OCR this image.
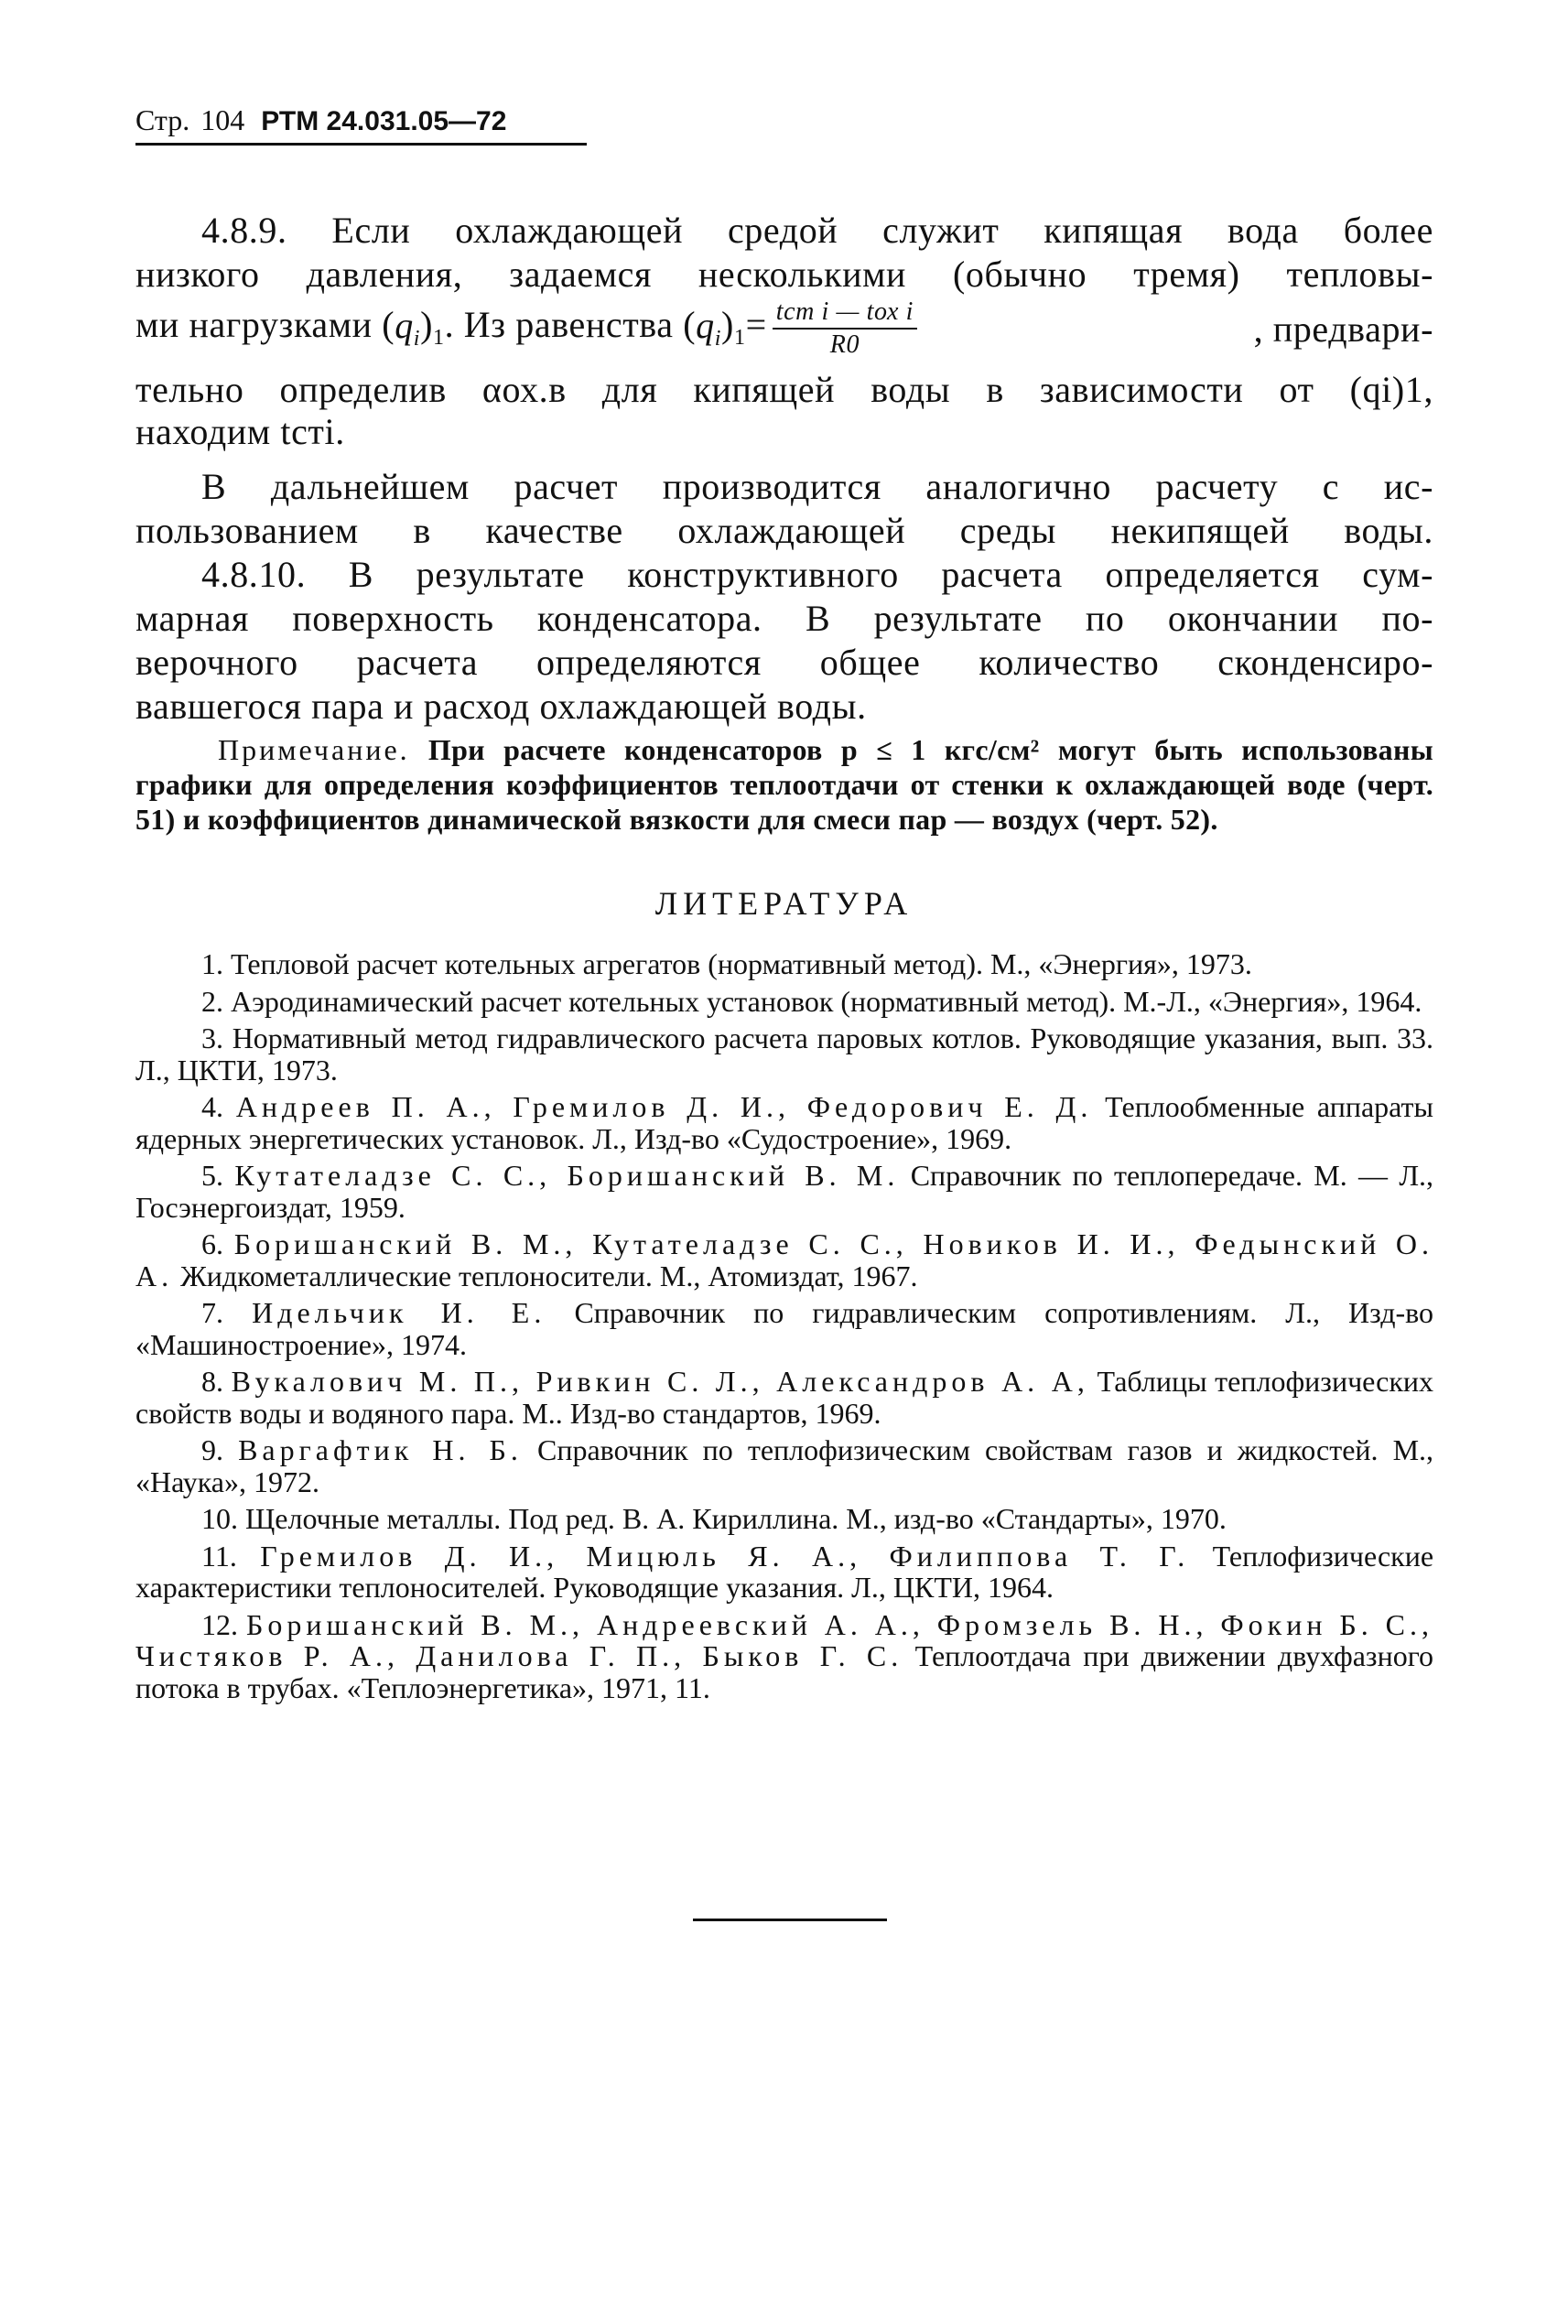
Стр. 104 РТМ 24.031.05—72
4.8.9. Если охлаждающей средой служит кипящая вода более
низкого давления, задаемся несколькими (обычно тремя) тепловы-
ми нагрузками $(q_i)_1$. Из равенства $(q_i)_1= \frac{\text{tст i — tох i}}{R0}$	, предвари-
тельно определив αох.в для кипящей воды в зависимости от (qi)1,
находим tстi.
В дальнейшем расчет производится аналогично расчету с ис-
пользованием в качестве охлаждающей среды некипящей воды.
4.8.10. В результате конструктивного расчета определяется сум-
марная поверхность конденсатора. В результате по окончании по-
верочного расчета определяются общее количество сконденсиро-
вавшегося пара и расход охлаждающей воды.
Примечание. При расчете конденсаторов p ≤ 1 кгс/см² могут быть использованы графики для определения коэффициентов теплоотдачи от стенки к охлаждающей воде (черт. 51) и коэффициентов динамической вязкости для смеси пар — воздух (черт. 52).
ЛИТЕРАТУРА

1. Тепловой расчет котельных агрегатов (нормативный метод). М., «Энергия», 1973.

2. Аэродинамический расчет котельных установок (нормативный метод). М.-Л., «Энергия», 1964.

3. Нормативный метод гидравлического расчета паровых котлов. Руководящие указания, вып. 33. Л., ЦКТИ, 1973.

4. Андреев П. А., Гремилов Д. И., Федорович Е. Д. Теплообменные аппараты ядерных энергетических установок. Л., Изд-во «Судостроение», 1969.

5. Кутателадзе С. С., Боришанский В. М. Справочник по теплопередаче. М. — Л., Госэнергоиздат, 1959.

6. Боришанский В. М., Кутателадзе С. С., Новиков И. И., Федынский О. А. Жидкометаллические теплоносители. М., Атомиздат, 1967.

7. Идельчик И. Е. Справочник по гидравлическим сопротивлениям. Л., Изд-во «Машиностроение», 1974.

8. Вукалович М. П., Ривкин С. Л., Александров А. А, Таблицы теплофизических свойств воды и водяного пара. М.. Изд-во стандартов, 1969.

9. Варгафтик Н. Б. Справочник по теплофизическим свойствам газов и жидкостей. М., «Наука», 1972.

10. Щелочные металлы. Под ред. В. А. Кириллина. М., изд-во «Стандарты», 1970.

11. Гремилов Д. И., Мицюль Я. А., Филиппова Т. Г. Теплофизические характеристики теплоносителей. Руководящие указания. Л., ЦКТИ, 1964.

12. Боришанский В. М., Андреевский А. А., Фромзель В. Н., Фокин Б. С., Чистяков Р. А., Данилова Г. П., Быков Г. С. Теплоотдача при движении двухфазного потока в трубах. «Теплоэнергетика», 1971, 11.
